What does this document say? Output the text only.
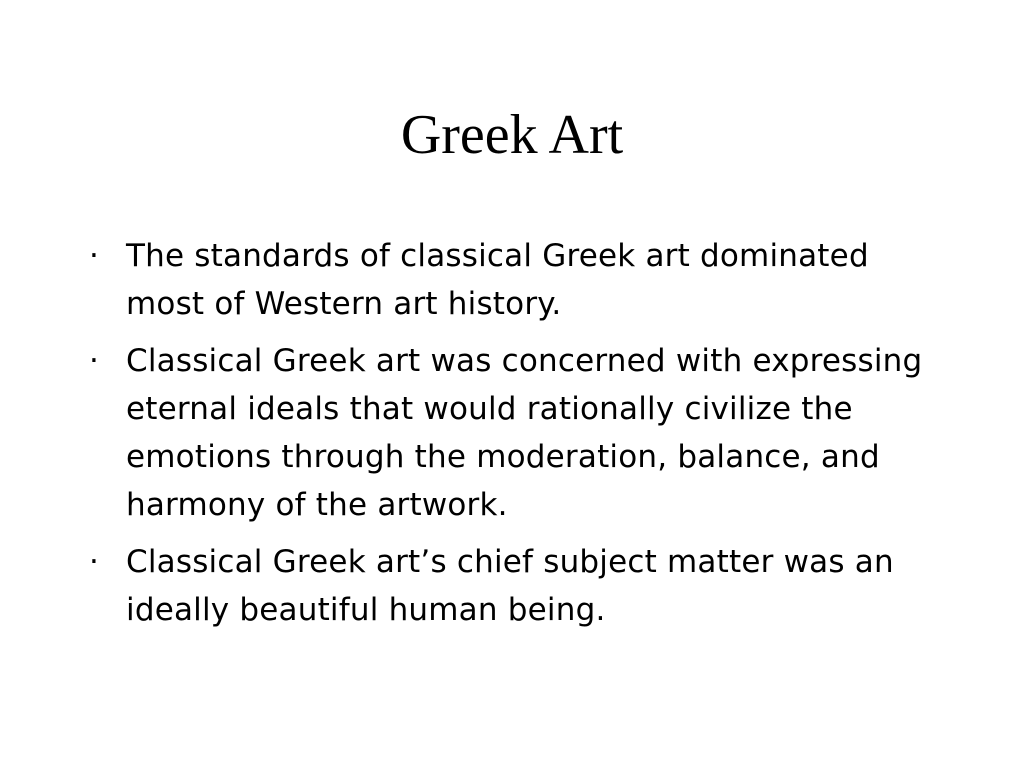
Greek Art
· The standards of classical Greek art dominated most of Western art history.
· Classical Greek art was concerned with expressing eternal ideals that would rationally civilize the emotions through the moderation, balance, and harmony of the artwork.
· Classical Greek art’s chief subject matter was an ideally beautiful human being.
